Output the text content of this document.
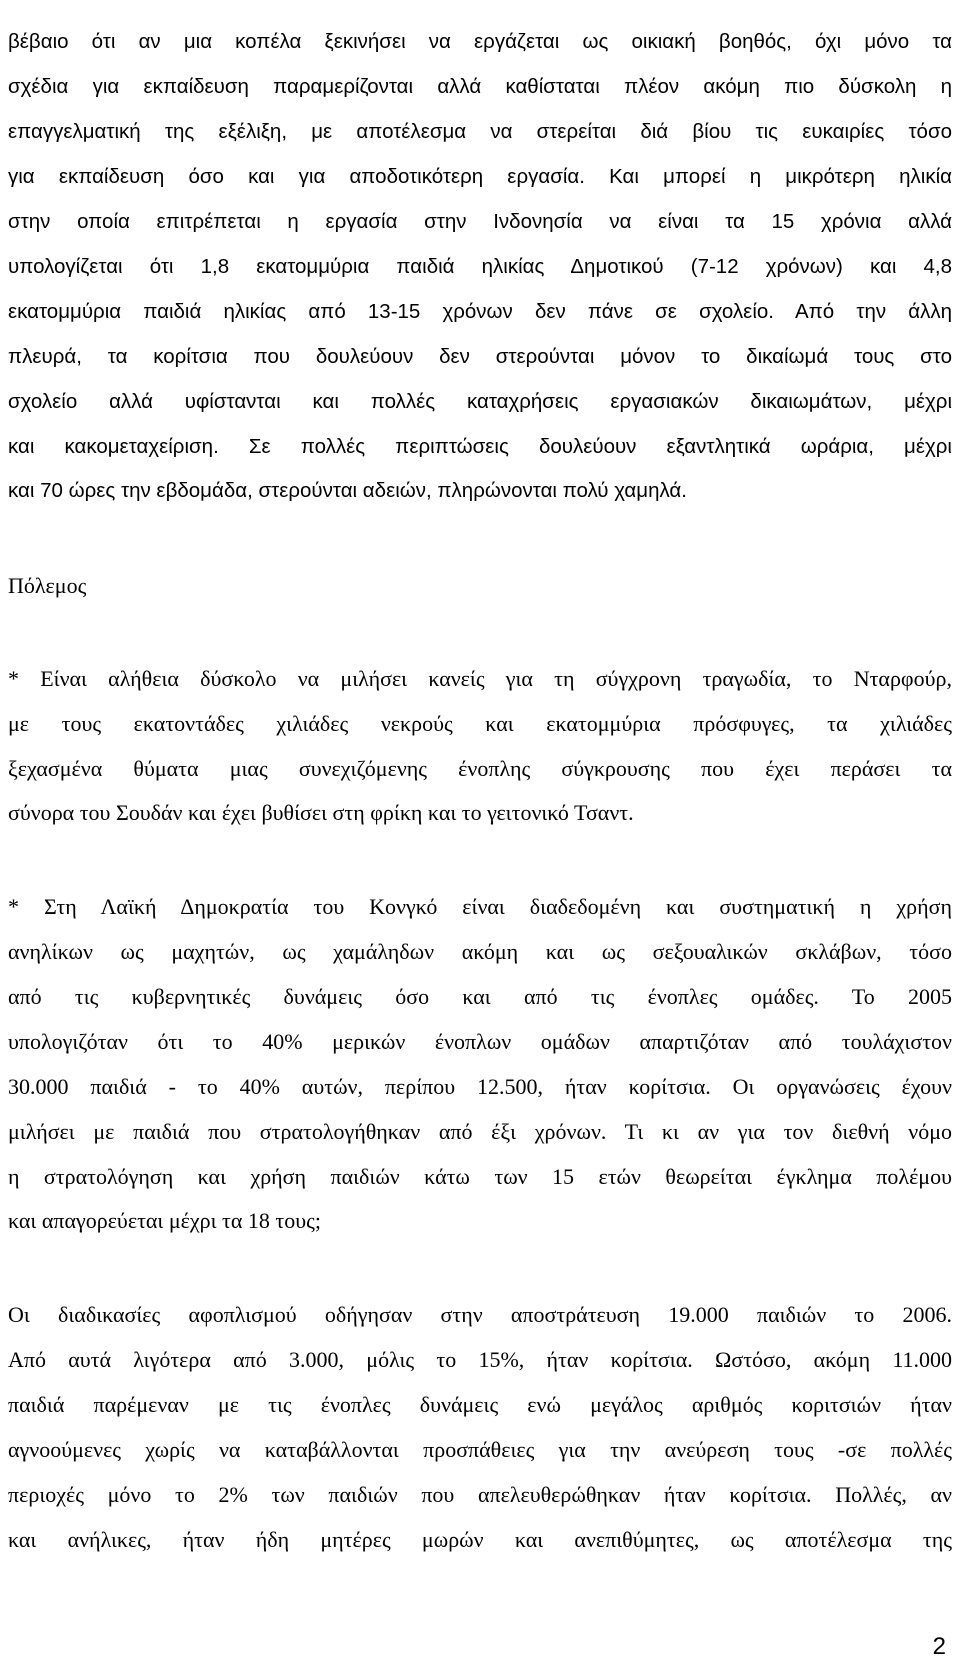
βέβαιο ότι αν μια κοπέλα ξεκινήσει να εργάζεται ως οικιακή βοηθός, όχι μόνο τα
σχέδια για εκπαίδευση παραμερίζονται αλλά καθίσταται πλέον ακόμη πιο δύσκολη η
επαγγελματική της εξέλιξη, με αποτέλεσμα να στερείται διά βίου τις ευκαιρίες τόσο
για εκπαίδευση όσο και για αποδοτικότερη εργασία. Και μπορεί η μικρότερη ηλικία
στην οποία επιτρέπεται η εργασία στην Ινδονησία να είναι τα 15 χρόνια αλλά
υπολογίζεται ότι 1,8 εκατομμύρια παιδιά ηλικίας Δημοτικού (7-12 χρόνων) και 4,8
εκατομμύρια παιδιά ηλικίας από 13-15 χρόνων δεν πάνε σε σχολείο. Από την άλλη
πλευρά, τα κορίτσια που δουλεύουν δεν στερούνται μόνον το δικαίωμά τους στο
σχολείο αλλά υφίστανται και πολλές καταχρήσεις εργασιακών δικαιωμάτων, μέχρι
και κακομεταχείριση. Σε πολλές περιπτώσεις δουλεύουν εξαντλητικά ωράρια, μέχρι
και 70 ώρες την εβδομάδα, στερούνται αδειών, πληρώνονται πολύ χαμηλά.
Πόλεμος
* Είναι αλήθεια δύσκολο να μιλήσει κανείς για τη σύγχρονη τραγωδία, το Νταρφούρ,
με τους εκατοντάδες χιλιάδες νεκρούς και εκατομμύρια πρόσφυγες, τα χιλιάδες
ξεχασμένα θύματα μιας συνεχιζόμενης ένοπλης σύγκρουσης που έχει περάσει τα
σύνορα του Σουδάν και έχει βυθίσει στη φρίκη και το γειτονικό Τσαντ.
* Στη Λαϊκή Δημοκρατία του Κονγκό είναι διαδεδομένη και συστηματική η χρήση
ανηλίκων ως μαχητών, ως χαμάληδων ακόμη και ως σεξουαλικών σκλάβων, τόσο
από τις κυβερνητικές δυνάμεις όσο και από τις ένοπλες ομάδες. Το 2005
υπολογιζόταν ότι το 40% μερικών ένοπλων ομάδων απαρτιζόταν από τουλάχιστον
30.000 παιδιά - το 40% αυτών, περίπου 12.500, ήταν κορίτσια. Οι οργανώσεις έχουν
μιλήσει με παιδιά που στρατολογήθηκαν από έξι χρόνων. Τι κι αν για τον διεθνή νόμο
η στρατολόγηση και χρήση παιδιών κάτω των 15 ετών θεωρείται έγκλημα πολέμου
και απαγορεύεται μέχρι τα 18 τους;
Οι διαδικασίες αφοπλισμού οδήγησαν στην αποστράτευση 19.000 παιδιών το 2006.
Από αυτά λιγότερα από 3.000, μόλις το 15%, ήταν κορίτσια. Ωστόσο, ακόμη 11.000
παιδιά παρέμεναν με τις ένοπλες δυνάμεις ενώ μεγάλος αριθμός κοριτσιών ήταν
αγνοούμενες χωρίς να καταβάλλονται προσπάθειες για την ανεύρεση τους -σε πολλές
περιοχές μόνο το 2% των παιδιών που απελευθερώθηκαν ήταν κορίτσια. Πολλές, αν
και ανήλικες, ήταν ήδη μητέρες μωρών και ανεπιθύμητες, ως αποτέλεσμα της
2
